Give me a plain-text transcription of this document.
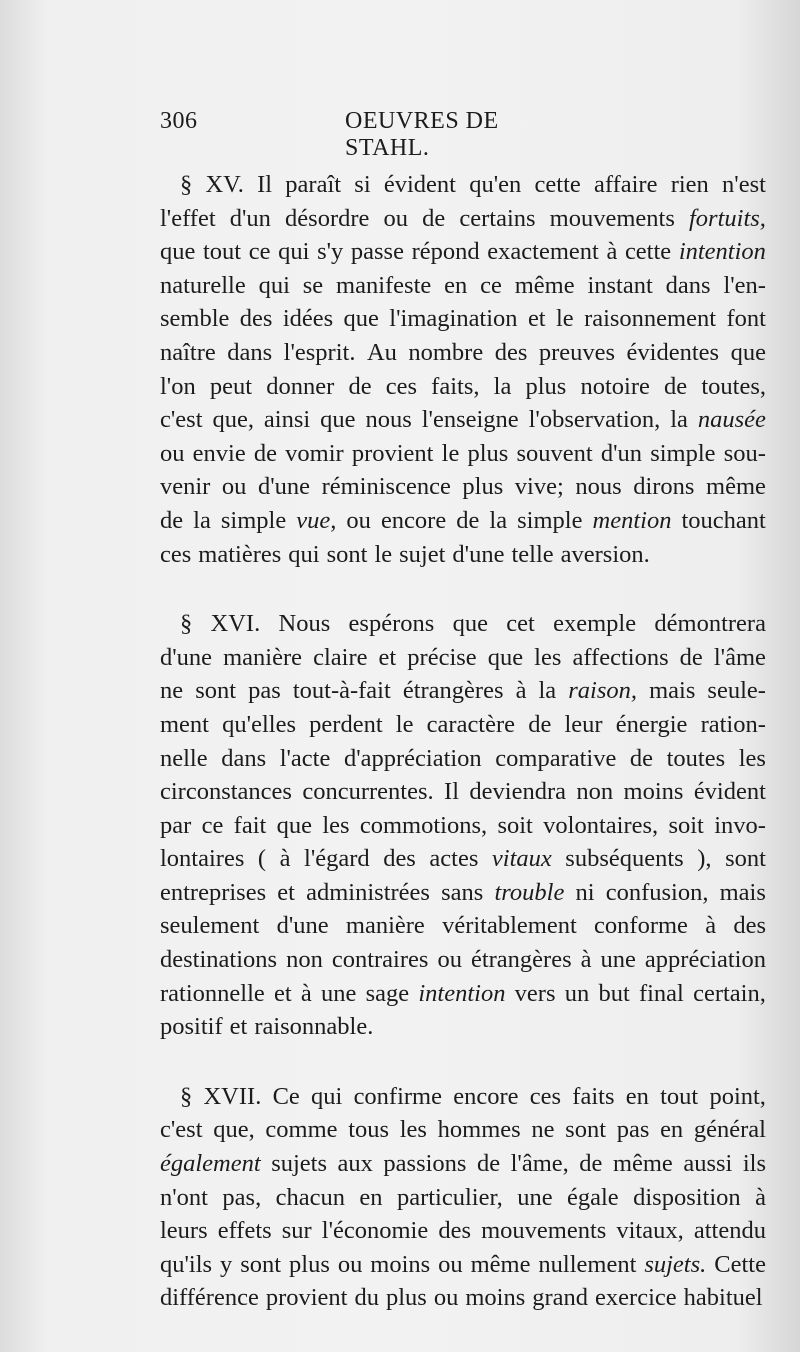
306	OEUVRES DE STAHL.
§ XV. Il paraît si évident qu'en cette affaire rien n'est
l'effet d'un désordre ou de certains mouvements fortuits,
que tout ce qui s'y passe répond exactement à cette intention
naturelle qui se manifeste en ce même instant dans l'en-
semble des idées que l'imagination et le raisonnement font
naître dans l'esprit. Au nombre des preuves évidentes que
l'on peut donner de ces faits, la plus notoire de toutes,
c'est que, ainsi que nous l'enseigne l'observation, la nausée
ou envie de vomir provient le plus souvent d'un simple sou-
venir ou d'une réminiscence plus vive; nous dirons même
de la simple vue, ou encore de la simple mention touchant
ces matières qui sont le sujet d'une telle aversion.
§ XVI. Nous espérons que cet exemple démontrera
d'une manière claire et précise que les affections de l'âme
ne sont pas tout-à-fait étrangères à la raison, mais seule-
ment qu'elles perdent le caractère de leur énergie ration-
nelle dans l'acte d'appréciation comparative de toutes les
circonstances concurrentes. Il deviendra non moins évident
par ce fait que les commotions, soit volontaires, soit invo-
lontaires ( à l'égard des actes vitaux subséquents ), sont
entreprises et administrées sans trouble ni confusion, mais
seulement d'une manière véritablement conforme à des
destinations non contraires ou étrangères à une appréciation
rationnelle et à une sage intention vers un but final certain,
positif et raisonnable.
§ XVII. Ce qui confirme encore ces faits en tout point,
c'est que, comme tous les hommes ne sont pas en général
également sujets aux passions de l'âme, de même aussi ils
n'ont pas, chacun en particulier, une égale disposition à
leurs effets sur l'économie des mouvements vitaux, attendu
qu'ils y sont plus ou moins ou même nullement sujets. Cette
différence provient du plus ou moins grand exercice habituel
